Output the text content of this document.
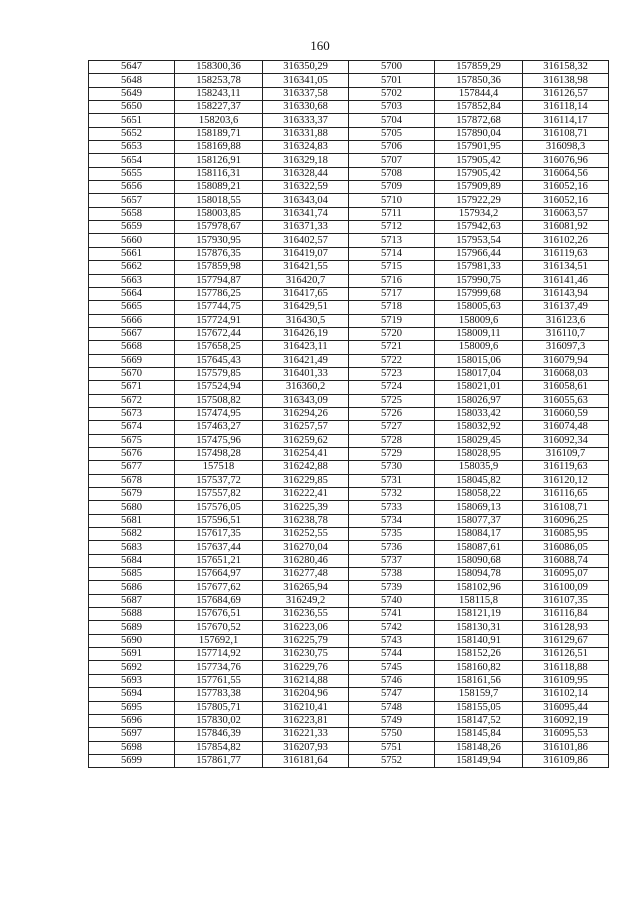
160
5647	158300,36	316350,29	5700	157859,29	316158,32
5648	158253,78	316341,05	5701	157850,36	316138,98
5649	158243,11	316337,58	5702	157844,4	316126,57
5650	158227,37	316330,68	5703	157852,84	316118,14
5651	158203,6	316333,37	5704	157872,68	316114,17
5652	158189,71	316331,88	5705	157890,04	316108,71
5653	158169,88	316324,83	5706	157901,95	316098,3
5654	158126,91	316329,18	5707	157905,42	316076,96
5655	158116,31	316328,44	5708	157905,42	316064,56
5656	158089,21	316322,59	5709	157909,89	316052,16
5657	158018,55	316343,04	5710	157922,29	316052,16
5658	158003,85	316341,74	5711	157934,2	316063,57
5659	157978,67	316371,33	5712	157942,63	316081,92
5660	157930,95	316402,57	5713	157953,54	316102,26
5661	157876,35	316419,07	5714	157966,44	316119,63
5662	157859,98	316421,55	5715	157981,33	316134,51
5663	157794,87	316420,7	5716	157990,75	316141,46
5664	157786,25	316417,65	5717	157999,68	316143,94
5665	157744,75	316429,51	5718	158005,63	316137,49
5666	157724,91	316430,5	5719	158009,6	316123,6
5667	157672,44	316426,19	5720	158009,11	316110,7
5668	157658,25	316423,11	5721	158009,6	316097,3
5669	157645,43	316421,49	5722	158015,06	316079,94
5670	157579,85	316401,33	5723	158017,04	316068,03
5671	157524,94	316360,2	5724	158021,01	316058,61
5672	157508,82	316343,09	5725	158026,97	316055,63
5673	157474,95	316294,26	5726	158033,42	316060,59
5674	157463,27	316257,57	5727	158032,92	316074,48
5675	157475,96	316259,62	5728	158029,45	316092,34
5676	157498,28	316254,41	5729	158028,95	316109,7
5677	157518	316242,88	5730	158035,9	316119,63
5678	157537,72	316229,85	5731	158045,82	316120,12
5679	157557,82	316222,41	5732	158058,22	316116,65
5680	157576,05	316225,39	5733	158069,13	316108,71
5681	157596,51	316238,78	5734	158077,37	316096,25
5682	157617,35	316252,55	5735	158084,17	316085,95
5683	157637,44	316270,04	5736	158087,61	316086,05
5684	157651,21	316280,46	5737	158090,68	316088,74
5685	157664,97	316277,48	5738	158094,78	316095,07
5686	157677,62	316265,94	5739	158102,96	316100,09
5687	157684,69	316249,2	5740	158115,8	316107,35
5688	157676,51	316236,55	5741	158121,19	316116,84
5689	157670,52	316223,06	5742	158130,31	316128,93
5690	157692,1	316225,79	5743	158140,91	316129,67
5691	157714,92	316230,75	5744	158152,26	316126,51
5692	157734,76	316229,76	5745	158160,82	316118,88
5693	157761,55	316214,88	5746	158161,56	316109,95
5694	157783,38	316204,96	5747	158159,7	316102,14
5695	157805,71	316210,41	5748	158155,05	316095,44
5696	157830,02	316223,81	5749	158147,52	316092,19
5697	157846,39	316221,33	5750	158145,84	316095,53
5698	157854,82	316207,93	5751	158148,26	316101,86
5699	157861,77	316181,64	5752	158149,94	316109,86
